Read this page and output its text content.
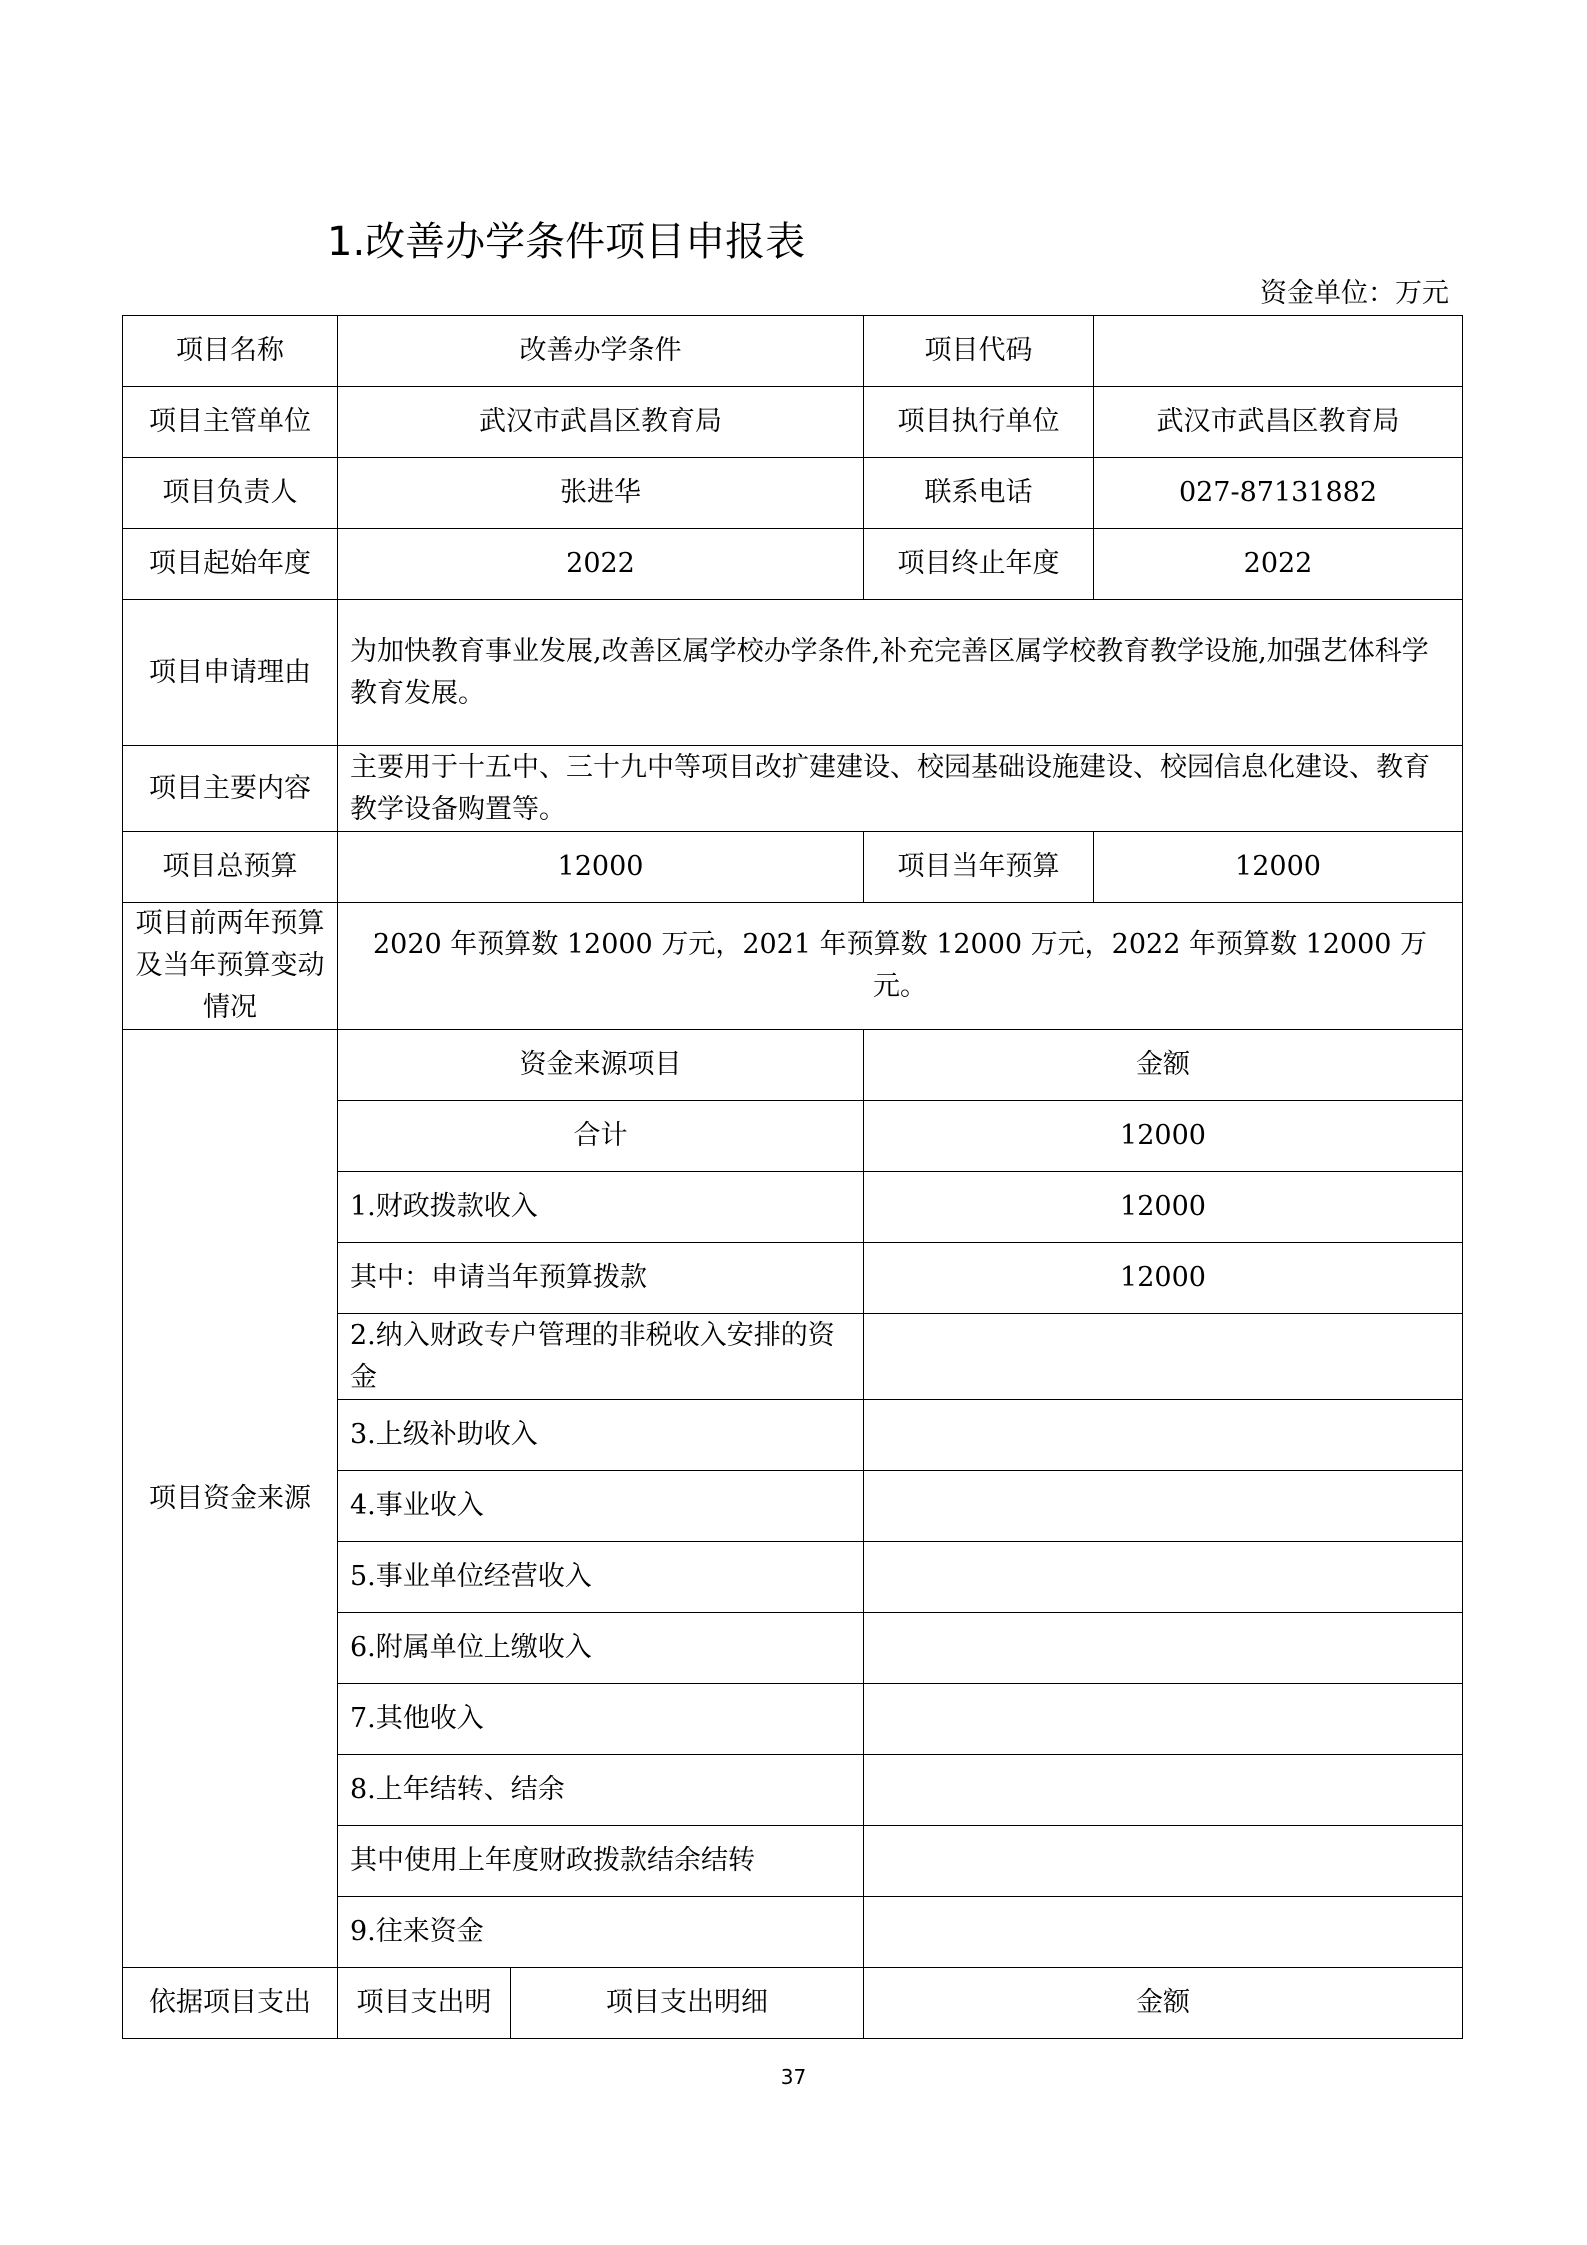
1.改善办学条件项目申报表
资金单位：万元
项目名称	改善办学条件		项目代码	
项目主管单位	武汉市武昌区教育局		项目执行单位	武汉市武昌区教育局
项目负责人	张进华		联系电话	027-87131882
项目起始年度	2022		项目终止年度	2022
项目申请理由	为加快教育事业发展,改善区属学校办学条件,补充完善区属学校教育教学设施,加强艺体科学教育发展。			
项目主要内容	主要用于十五中、三十九中等项目改扩建建设、校园基础设施建设、校园信息化建设、教育教学设备购置等。			
项目总预算	12000		项目当年预算	12000
项目前两年预算及当年预算变动情况	2020 年预算数 12000 万元，2021 年预算数 12000 万元，2022 年预算数 12000 万元。			
项目资金来源	资金来源项目		金额	
	合计		12000	
	1.财政拨款收入		12000	
	其中：申请当年预算拨款		12000	
	2.纳入财政专户管理的非税收入安排的资金			
	3.上级补助收入			
	4.事业收入			
	5.事业单位经营收入			
	6.附属单位上缴收入			
	7.其他收入			
	8.上年结转、结余			
	其中使用上年度财政拨款结余结转			
	9.往来资金			
依据项目支出	项目支出明	项目支出明细	金额	
37
